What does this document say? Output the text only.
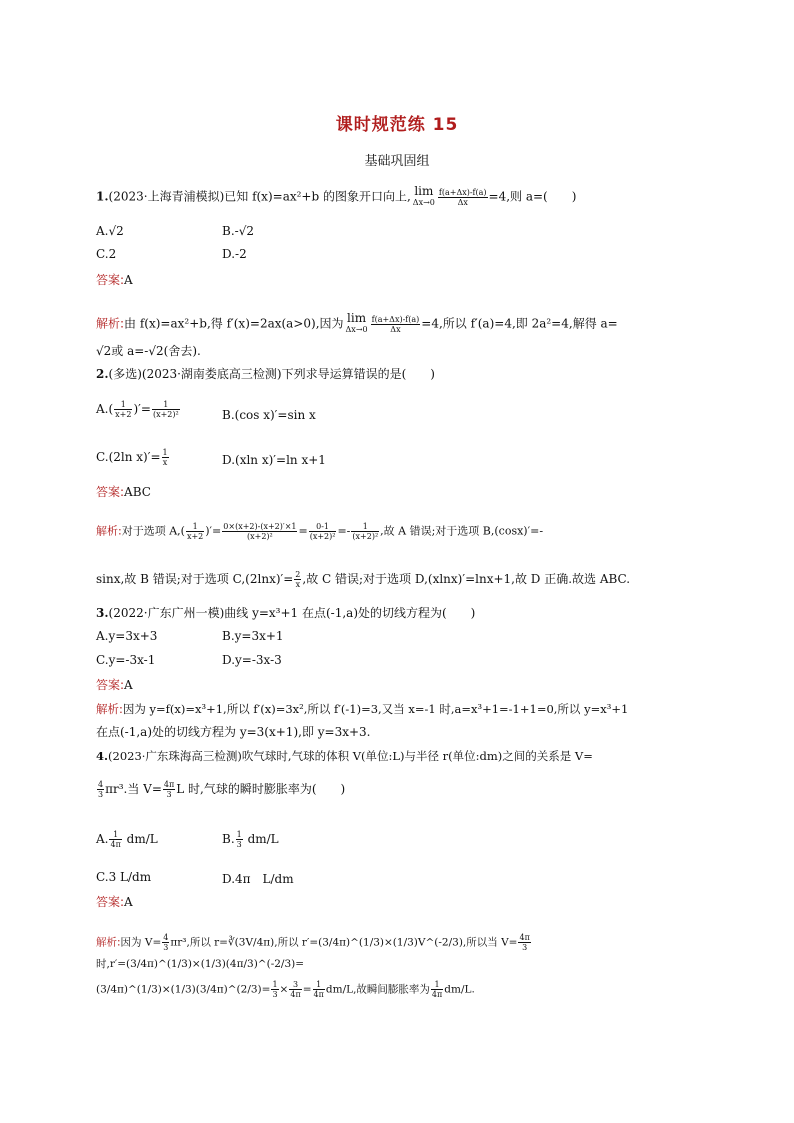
课时规范练 15
基础巩固组
1.(2023·上海青浦模拟)已知 f(x)=ax²+b 的图象开口向上, lim
$\Delta x\to 0 \frac{f(a+\Delta x)-f(a)}{\Delta x} =4$,则 a=(　　)
A.√2	B.-√2
C.2	D.-2
答案:A
解析:由 f(x)=ax²+b,得 f′(x)=2ax(a>0),因为 lim
$\Delta x\to 0 \frac{f(a+\Delta x)-f(a)}{\Delta x} =4$,所以 f′(a)=4,即 2a²=4,解得 a=
√2或 a=-√2(舍去).
2.(多选)(2023·湖南娄底高三检测)下列求导运算错误的是(　　)
$A.( \frac{1}{x+2}$ )′= $\frac{1}{\text{(x+2)²}}$	B.(cos x)′=sin x
C.(2ln $x)'= \frac{1}{x}$	D.(xln x)′=ln x+1
答案:ABC
解析:对于选项 $A,( \frac{1}{x+2}$ )′= $\frac{0\times(x+2)-(x+2)'\times 1}{\text{(x+2)²}} = \frac{0-1}{\text{(x+2)²}} =- \frac{1}{\text{(x+2)²}}$ ,故 A 错误;对于选项 B,(cosx)′=-
sinx,故 B 错误;对于选项 $C,(2\ln x)'= \frac{2}{x}$ ,故 C 错误;对于选项 D,(xlnx)′=lnx+1,故 D 正确.故选 ABC.
3.(2022·广东广州一模)曲线 y=x³+1 在点(-1,a)处的切线方程为(　　)
A.y=3x+3	B.y=3x+1
C.y=-3x-1	D.y=-3x-3
答案:A
解析:因为 y=f(x)=x³+1,所以 f′(x)=3x²,所以 f′(-1)=3,又当 x=-1 时,a=x³+1=-1+1=0,所以 y=x³+1
在点(-1,a)处的切线方程为 y=3(x+1),即 y=3x+3.
4.(2023·广东珠海高三检测)吹气球时,气球的体积 V(单位:L)与半径 r(单位:dm)之间的关系是 V=
$\frac{4}{3} \pi r^3$.当 $V= \frac{4\pi}{3}$ L 时,气球的瞬时膨胀率为(　　)
A. $\frac{1}{4\pi} dm/L$	B. $\frac{1}{3} dm/L$
C.3 L/dm	D.4π　L/dm
答案:A
解析:因为 $V= \frac{4}{3} \pi r^3$,所以 r=∛(3V/4π),所以 r′=(3/4π)^(1/3)×(1/3)V^(-2/3),所以当 $V= \frac{4\pi}{3}$
时,r′=(3/4π)^(1/3)×(1/3)(4π/3)^(-2/3)=
(3/4π)^(1/3)×(1/3)(3/4π)^(2/3)= $\frac{1}{3} \times \frac{3}{4\pi} = \frac{1}{4\pi} dm/L$,故瞬间膨胀率为 $\frac{1}{4\pi} dm/L$.
